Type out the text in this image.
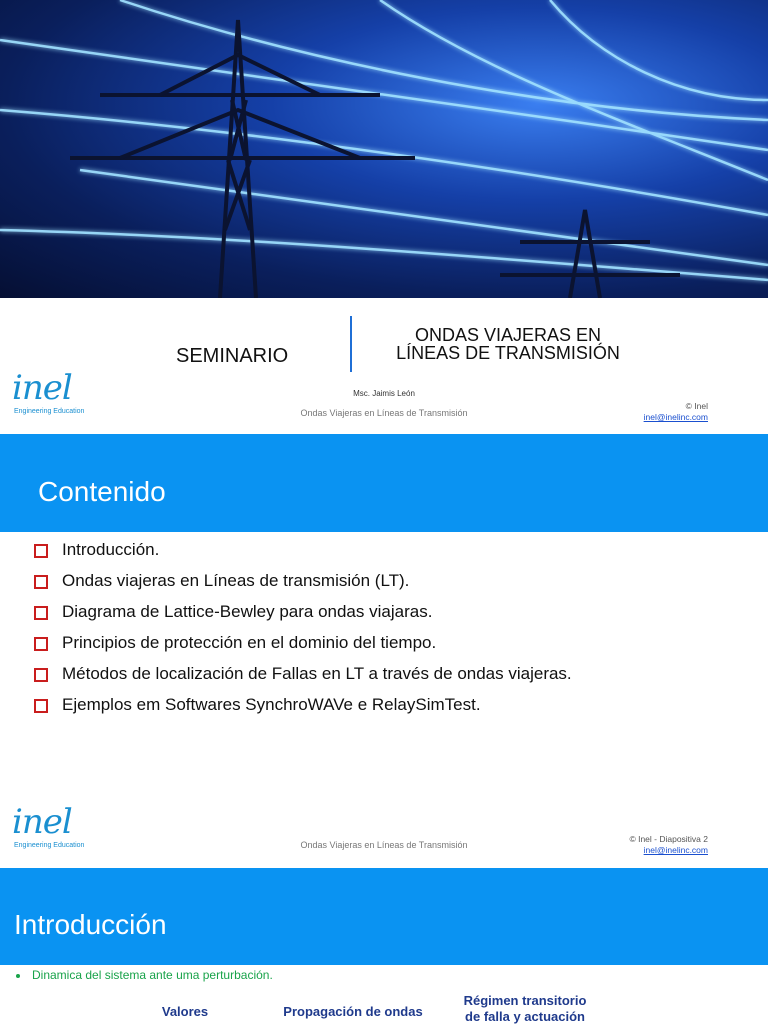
SEMINARIO
ONDAS VIAJERAS EN
LÍNEAS DE TRANSMISIÓN
inel
Engineering Education
Msc. Jaimis León
Ondas Viajeras en Líneas de Transmisión
© Inel
inel@inelinc.com
Contenido
Introducción.
Ondas viajeras en Líneas de transmisión (LT).
Diagrama de Lattice-Bewley para ondas viajaras.
Principios de protección en el dominio del tiempo.
Métodos de localización de Fallas en LT a través de ondas viajeras.
Ejemplos em Softwares SynchroWAVe e RelaySimTest.
inel
Engineering Education	Ondas Viajeras en Líneas de Transmisión
© Inel - Diapositiva 2
inel@inelinc.com
Introducción
Dinamica del sistema ante uma perturbación.
Valores	Propagación de ondas
Régimen transitorio
de falla y actuación
